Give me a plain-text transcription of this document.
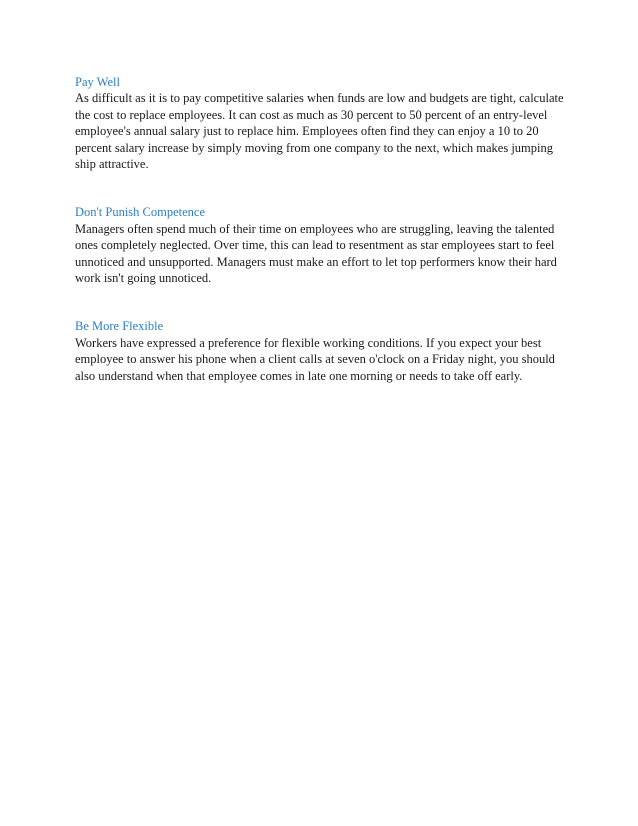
Pay Well

As difficult as it is to pay competitive salaries when funds are low and budgets are tight, calculate the cost to replace employees. It can cost as much as 30 percent to 50 percent of an entry-level employee's annual salary just to replace him. Employees often find they can enjoy a 10 to 20 percent salary increase by simply moving from one company to the next, which makes jumping ship attractive.

Don't Punish Competence

Managers often spend much of their time on employees who are struggling, leaving the talented ones completely neglected. Over time, this can lead to resentment as star employees start to feel unnoticed and unsupported. Managers must make an effort to let top performers know their hard work isn't going unnoticed.

Be More Flexible

Workers have expressed a preference for flexible working conditions. If you expect your best employee to answer his phone when a client calls at seven o'clock on a Friday night, you should also understand when that employee comes in late one morning or needs to take off early.
